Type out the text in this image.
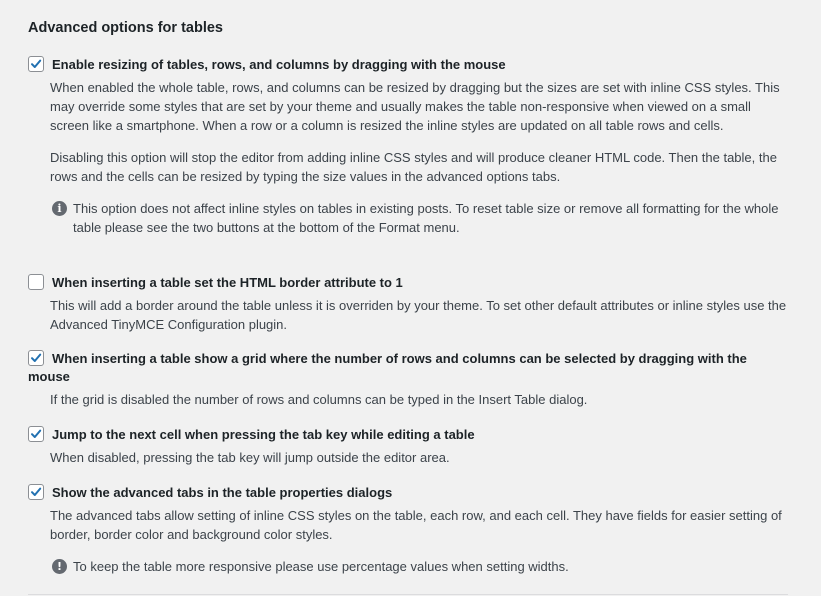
Advanced options for tables
Enable resizing of tables, rows, and columns by dragging with the mouse

When enabled the whole table, rows, and columns can be resized by dragging but the sizes are set with inline CSS styles. This may override some styles that are set by your theme and usually makes the table non-responsive when viewed on a small screen like a smartphone. When a row or a column is resized the inline styles are updated on all table rows and cells.

Disabling this option will stop the editor from adding inline CSS styles and will produce cleaner HTML code. Then the table, the rows and the cells can be resized by typing the size values in the advanced options tabs.

i This option does not affect inline styles on tables in existing posts. To reset table size or remove all formatting for the whole table please see the two buttons at the bottom of the Format menu.

When inserting a table set the HTML border attribute to 1

This will add a border around the table unless it is overriden by your theme. To set other default attributes or inline styles use the Advanced TinyMCE Configuration plugin.

When inserting a table show a grid where the number of rows and columns can be selected by dragging with the mouse

If the grid is disabled the number of rows and columns can be typed in the Insert Table dialog.

Jump to the next cell when pressing the tab key while editing a table

When disabled, pressing the tab key will jump outside the editor area.

Show the advanced tabs in the table properties dialogs

The advanced tabs allow setting of inline CSS styles on the table, each row, and each cell. They have fields for easier setting of border, border color and background color styles.

! To keep the table more responsive please use percentage values when setting widths.
